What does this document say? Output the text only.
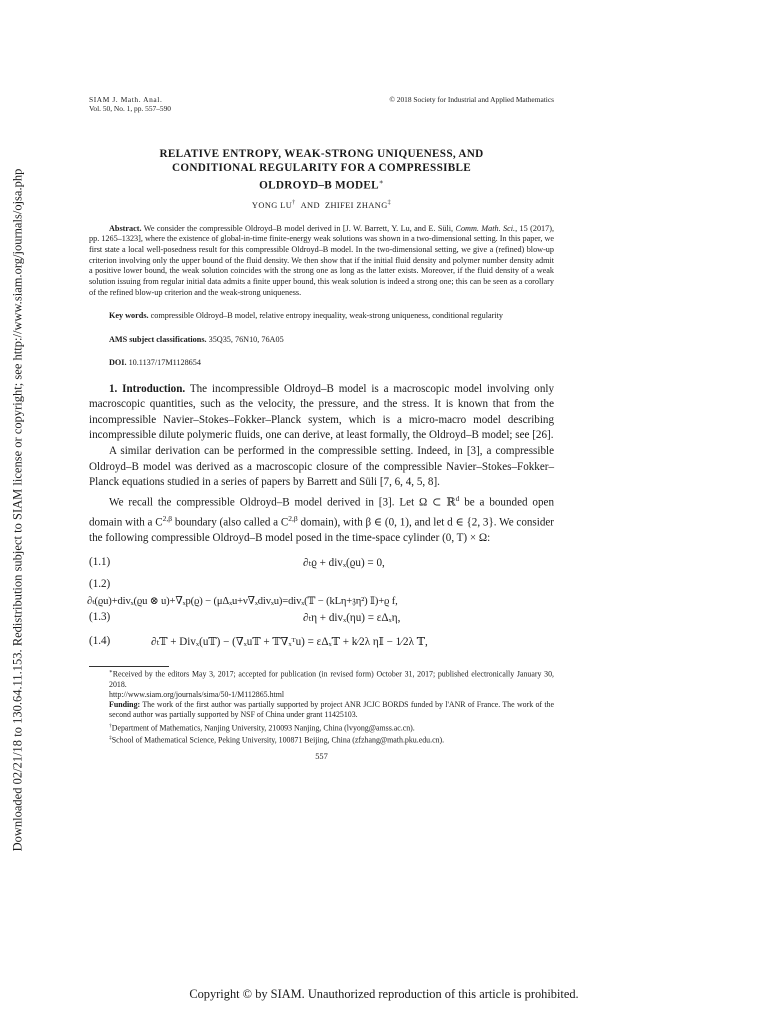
Downloaded 02/21/18 to 130.64.11.153. Redistribution subject to SIAM license or copyright; see http://www.siam.org/journals/ojsa.php
SIAM J. Math. Anal.
Vol. 50, No. 1, pp. 557–590
© 2018 Society for Industrial and Applied Mathematics
RELATIVE ENTROPY, WEAK-STRONG UNIQUENESS, AND
CONDITIONAL REGULARITY FOR A COMPRESSIBLE
OLDROYD–B MODEL∗
YONG LU† AND ZHIFEI ZHANG‡
Abstract. We consider the compressible Oldroyd–B model derived in [J. W. Barrett, Y. Lu, and E. Süli, Comm. Math. Sci., 15 (2017), pp. 1265–1323], where the existence of global-in-time finite-energy weak solutions was shown in a two-dimensional setting. In this paper, we first state a local well-posedness result for this compressible Oldroyd–B model. In the two-dimensional setting, we give a (refined) blow-up criterion involving only the upper bound of the fluid density. We then show that if the initial fluid density and polymer number density admit a positive lower bound, the weak solution coincides with the strong one as long as the latter exists. Moreover, if the fluid density of a weak solution issuing from regular initial data admits a finite upper bound, this weak solution is indeed a strong one; this can be seen as a corollary of the refined blow-up criterion and the weak-strong uniqueness.
Key words. compressible Oldroyd–B model, relative entropy inequality, weak-strong uniqueness, conditional regularity
AMS subject classifications. 35Q35, 76N10, 76A05
DOI. 10.1137/17M1128654
1. Introduction. The incompressible Oldroyd–B model is a macroscopic model involving only macroscopic quantities, such as the velocity, the pressure, and the stress. It is known that from the incompressible Navier–Stokes–Fokker–Planck system, which is a micro-macro model describing incompressible dilute polymeric fluids, one can derive, at least formally, the Oldroyd–B model; see [26].
A similar derivation can be performed in the compressible setting. Indeed, in [3], a compressible Oldroyd–B model was derived as a macroscopic closure of the compressible Navier–Stokes–Fokker–Planck equations studied in a series of papers by Barrett and Süli [7, 6, 4, 5, 8].
We recall the compressible Oldroyd–B model derived in [3]. Let Ω ⊂ ℝ$^d$ be a bounded open domain with a $C^{2,\beta}$ boundary (also called a $C^{2,\beta}$ domain), with β ∈ (0, 1), and let d ∈ {2, 3}. We consider the following compressible Oldroyd–B model posed in the time-space cylinder (0, T) × Ω:
(1.1)	∂ₜϱ + divₓ(ϱu) = 0,
(1.2)
∂ₜ(ϱu)+divₓ(ϱu ⊗ u)+∇ₓp(ϱ) − (μΔₓu+ν∇ₓdivₓu)=divₓ(𝕋 − (kLη+𝔷η²) 𝕀)+ϱ f,
(1.3)	∂ₜη + divₓ(ηu) = εΔₓη,
(1.4)	∂ₜ𝕋 + Divₓ(u𝕋) − (∇ₓu𝕋 + 𝕋∇ₓᵀu) = εΔₓ𝕋 + k⁄2λ η𝕀 − 1⁄2λ 𝕋,
∗Received by the editors May 3, 2017; accepted for publication (in revised form) October 31, 2017; published electronically January 30, 2018.
http://www.siam.org/journals/sima/50-1/M112865.html
Funding: The work of the first author was partially supported by project ANR JCJC BORDS funded by l'ANR of France. The work of the second author was partially supported by NSF of China under grant 11425103.
†Department of Mathematics, Nanjing University, 210093 Nanjing, China (lvyong@amss.ac.cn).
‡School of Mathematical Science, Peking University, 100871 Beijing, China (zfzhang@math.pku.edu.cn).
557
Copyright © by SIAM. Unauthorized reproduction of this article is prohibited.
